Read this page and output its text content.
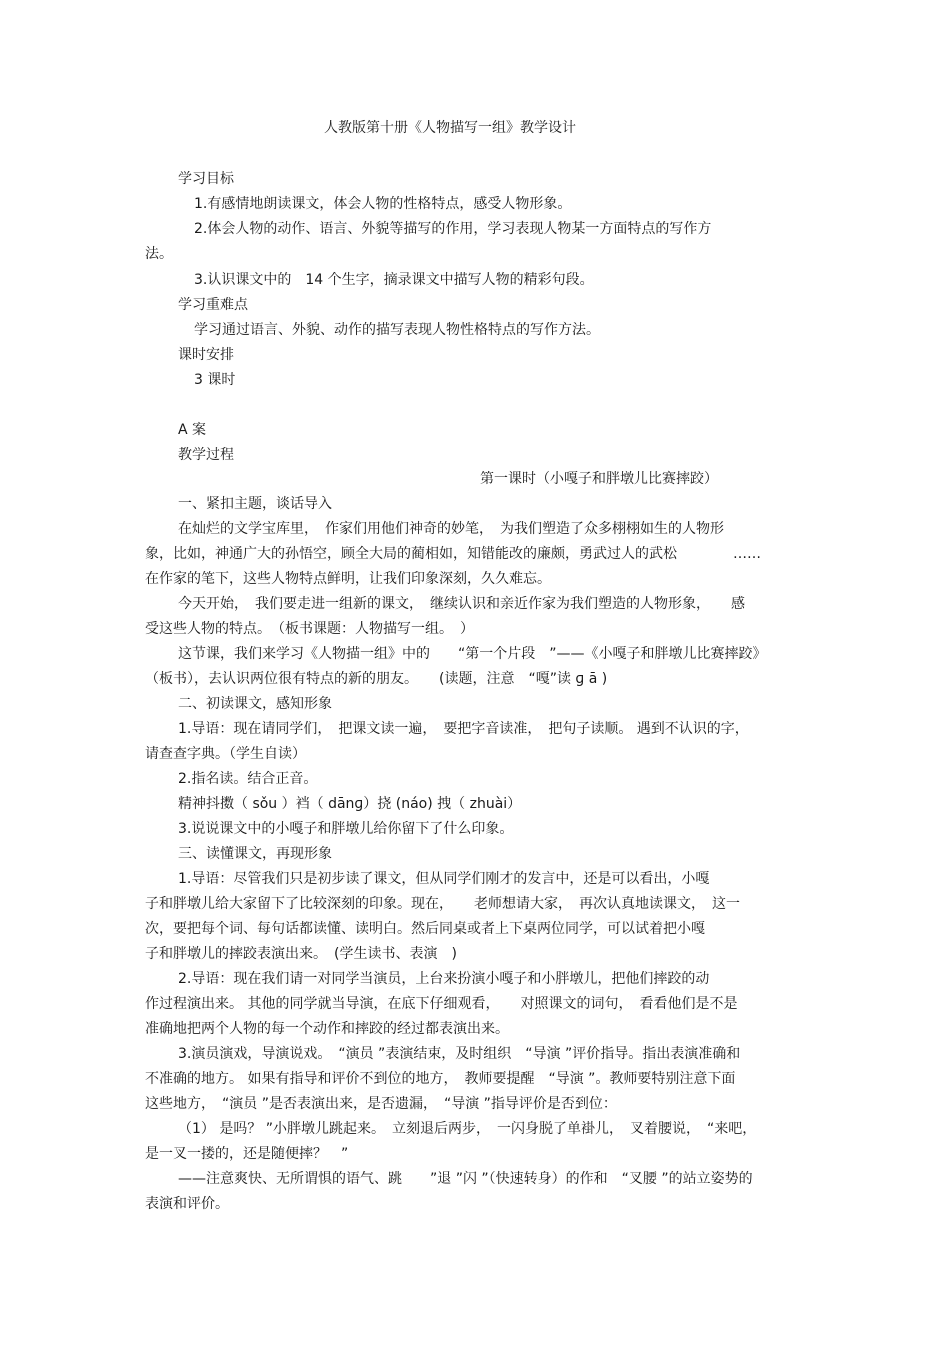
人教版第十册《人物描写一组》教学设计
学习目标
1.有感情地朗读课文，体会人物的性格特点，感受人物形象。
2.体会人物的动作、语言、外貌等描写的作用，学习表现人物某一方面特点的写作方
法。
3.认识课文中的　14 个生字，摘录课文中描写人物的精彩句段。
学习重难点
学习通过语言、外貌、动作的描写表现人物性格特点的写作方法。
课时安排
3 课时
A 案
教学过程
第一课时（小嘎子和胖墩儿比赛摔跤）
一、紧扣主题，谈话导入
在灿烂的文学宝库里，　作家们用他们神奇的妙笔，　为我们塑造了众多栩栩如生的人物形
象，比如，神通广大的孙悟空，顾全大局的蔺相如，知错能改的廉颇，勇武过人的武松　　　　……
在作家的笔下，这些人物特点鲜明，让我们印象深刻，久久难忘。
今天开始，　我们要走进一组新的课文，　继续认识和亲近作家为我们塑造的人物形象，　　感
受这些人物的特点。　（板书课题：人物描写一组。　）
这节课，我们来学习《人物描一组》中的　　“第一个片段　”——《小嘎子和胖墩儿比赛摔跤》
（板书），去认识两位很有特点的新的朋友。　　(读题，注意　“嘎”读 ɡ ā )
二、初读课文，感知形象
1.导语：现在请同学们，　把课文读一遍，　要把字音读准，　把句子读顺。 遇到不认识的字，
请查查字典。（学生自读）
2.指名读。结合正音。
精神抖擞（ sǒu ）裆（ dānɡ）挠 (náo) 拽（ zhuài）
3.说说课文中的小嘎子和胖墩儿给你留下了什么印象。
三、读懂课文，再现形象
1.导语：尽管我们只是初步读了课文，但从同学们刚才的发言中，还是可以看出，小嘎
子和胖墩儿给大家留下了比较深刻的印象。现在，　　老师想请大家，　再次认真地读课文，　这一
次，要把每个词、每句话都读懂、读明白。然后同桌或者上下桌两位同学，可以试着把小嘎
子和胖墩儿的摔跤表演出来。　(学生读书、表演　)
2.导语：现在我们请一对同学当演员，上台来扮演小嘎子和小胖墩儿，把他们摔跤的动
作过程演出来。 其他的同学就当导演，在底下仔细观看，　　对照课文的词句，　看看他们是不是
准确地把两个人物的每一个动作和摔跤的经过都表演出来。
3.演员演戏，导演说戏。　“演员 ”表演结束，及时组织　“导演 ”评价指导。指出表演准确和
不准确的地方。 如果有指导和评价不到位的地方，　教师要提醒　“导演 ”。教师要特别注意下面
这些地方，　“演员 ”是否表演出来，是否遗漏，　“导演 ”指导评价是否到位：
（1） 是吗？ ”小胖墩儿跳起来。　立刻退后两步，　一闪身脱了单褂儿，　叉着腰说，　“来吧，
是一叉一搂的，还是随便摔？　”
——注意爽快、无所谓惧的语气、跳　　”退 ”闪 ”（快速转身）的作和　“叉腰 ”的站立姿势的
表演和评价。
